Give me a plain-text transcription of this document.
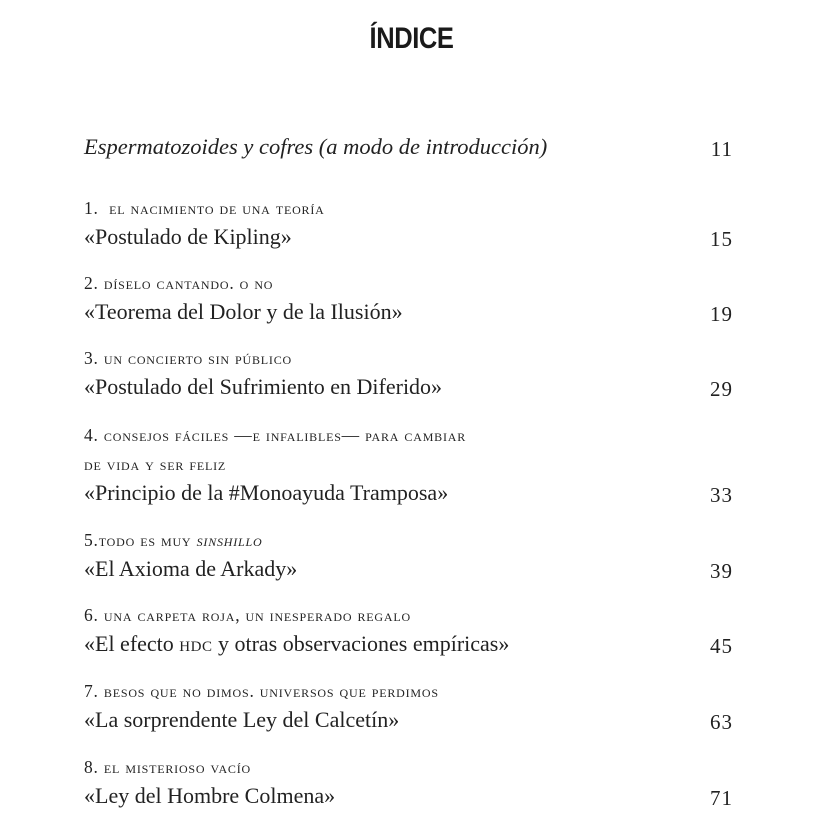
ÍNDICE
Espermatozoides y cofres (a modo de introducción)	11
1. el nacimiento de una teoría
«Postulado de Kipling»	15
2. díselo cantando. o no
«Teorema del Dolor y de la Ilusión»	19
3. un concierto sin público
«Postulado del Sufrimiento en Diferido»	29
4. consejos fáciles —e infalibles— para cambiar
de vida y ser feliz
«Principio de la #Monoayuda Tramposa»	33
5.todo es muy sinshillo
«El Axioma de Arkady»	39
6. una carpeta roja, un inesperado regalo
«El efecto hdc y otras observaciones empíricas»	45
7. besos que no dimos. universos que perdimos
«La sorprendente Ley del Calcetín»	63
8. el misterioso vacío
«Ley del Hombre Colmena»	71
